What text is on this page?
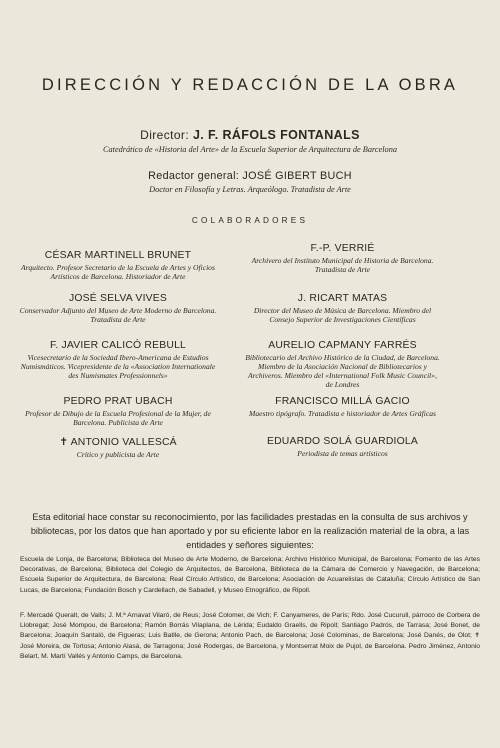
DIRECCIÓN Y REDACCIÓN DE LA OBRA
Director: J. F. RÁFOLS FONTANALS
Catedrático de «Historia del Arte» de la Escuela Superior de Arquitectura de Barcelona
Redactor general: JOSÉ GIBERT BUCH
Doctor en Filosofía y Letras. Arqueólogo. Tratadista de Arte
COLABORADORES
CÉSAR MARTINELL BRUNET
Arquitecto. Profesor Secretario de la Escuela de Artes y Oficios Artísticos de Barcelona. Historiador de Arte
JOSÉ SELVA VIVES
Conservador Adjunto del Museo de Arte Moderno de Barcelona. Tratadista de Arte
F. JAVIER CALICÓ REBULL
Vicesecretario de la Sociedad Ibero-Americana de Estudios Numismáticos. Vicepresidente de la «Association Internationale des Numismates Professionnels»
PEDRO PRAT UBACH
Profesor de Dibujo de la Escuela Profesional de la Mujer, de Barcelona. Publicista de Arte
✝ ANTONIO VALLESCÁ
Crítico y publicista de Arte
F.-P. VERRIÉ
Archivero del Instituto Municipal de Historia de Barcelona. Tratadista de Arte
J. RICART MATAS
Director del Museo de Música de Barcelona. Miembro del Consejo Superior de Investigaciones Científicas
AURELIO CAPMANY FARRÉS
Bibliotecario del Archivo Histórico de la Ciudad, de Barcelona. Miembro de la Asociación Nacional de Bibliotecarios y Archiveros. Miembro del «International Folk Music Council», de Londres
FRANCISCO MILLÁ GACIO
Maestro tipógrafo. Tratadista e historiador de Artes Gráficas
EDUARDO SOLÁ GUARDIOLA
Periodista de temas artísticos
Esta editorial hace constar su reconocimiento, por las facilidades prestadas en la consulta de sus archivos y bibliotecas, por los datos que han aportado y por su eficiente labor en la realización material de la obra, a las entidades y señores siguientes:
Escuela de Lonja, de Barcelona; Biblioteca del Museo de Arte Moderno, de Barcelona; Archivo Histórico Municipal, de Barcelona; Fomento de las Artes Decorativas, de Barcelona; Biblioteca del Colegio de Arquitectos, de Barcelona, Biblioteca de la Cámara de Comercio y Navegación, de Barcelona; Escuela Superior de Arquitectura, de Barcelona; Real Círculo Artístico, de Barcelona; Asociación de Acuarelistas de Cataluña; Círculo Artístico de San Lucas, de Barcelona; Fundación Bosch y Cardellach, de Sabadell, y Museo Etnográfico, de Ripoll.
F. Mercadé Queralt, de Valls; J. M.ª Arnavat Vilaró, de Reus; José Colomer, de Vich; F. Canyameres, de París; Rdo. José Cucurull, párroco de Corbera de Llobregat; José Mompou, de Barcelona; Ramón Borrás Vilaplana, de Lérida; Eudaldo Graells, de Ripoll; Santiago Padrós, de Tarrasa; José Bonet, de Barcelona; Joaquín Santaló, de Figueras; Luis Batlle, de Gerona; Antonio Pach, de Barcelona; José Colominas, de Barcelona; José Danés, de Olot; ✝ José Moreira, de Tortosa; Antonio Alasá, de Tarragona; José Rodergas, de Barcelona, y Montserrat Moix de Pujol, de Barcelona. Pedro Jiménez, Antonio Belart, M. Martí Vallés y Antonio Camps, de Barcelona.
